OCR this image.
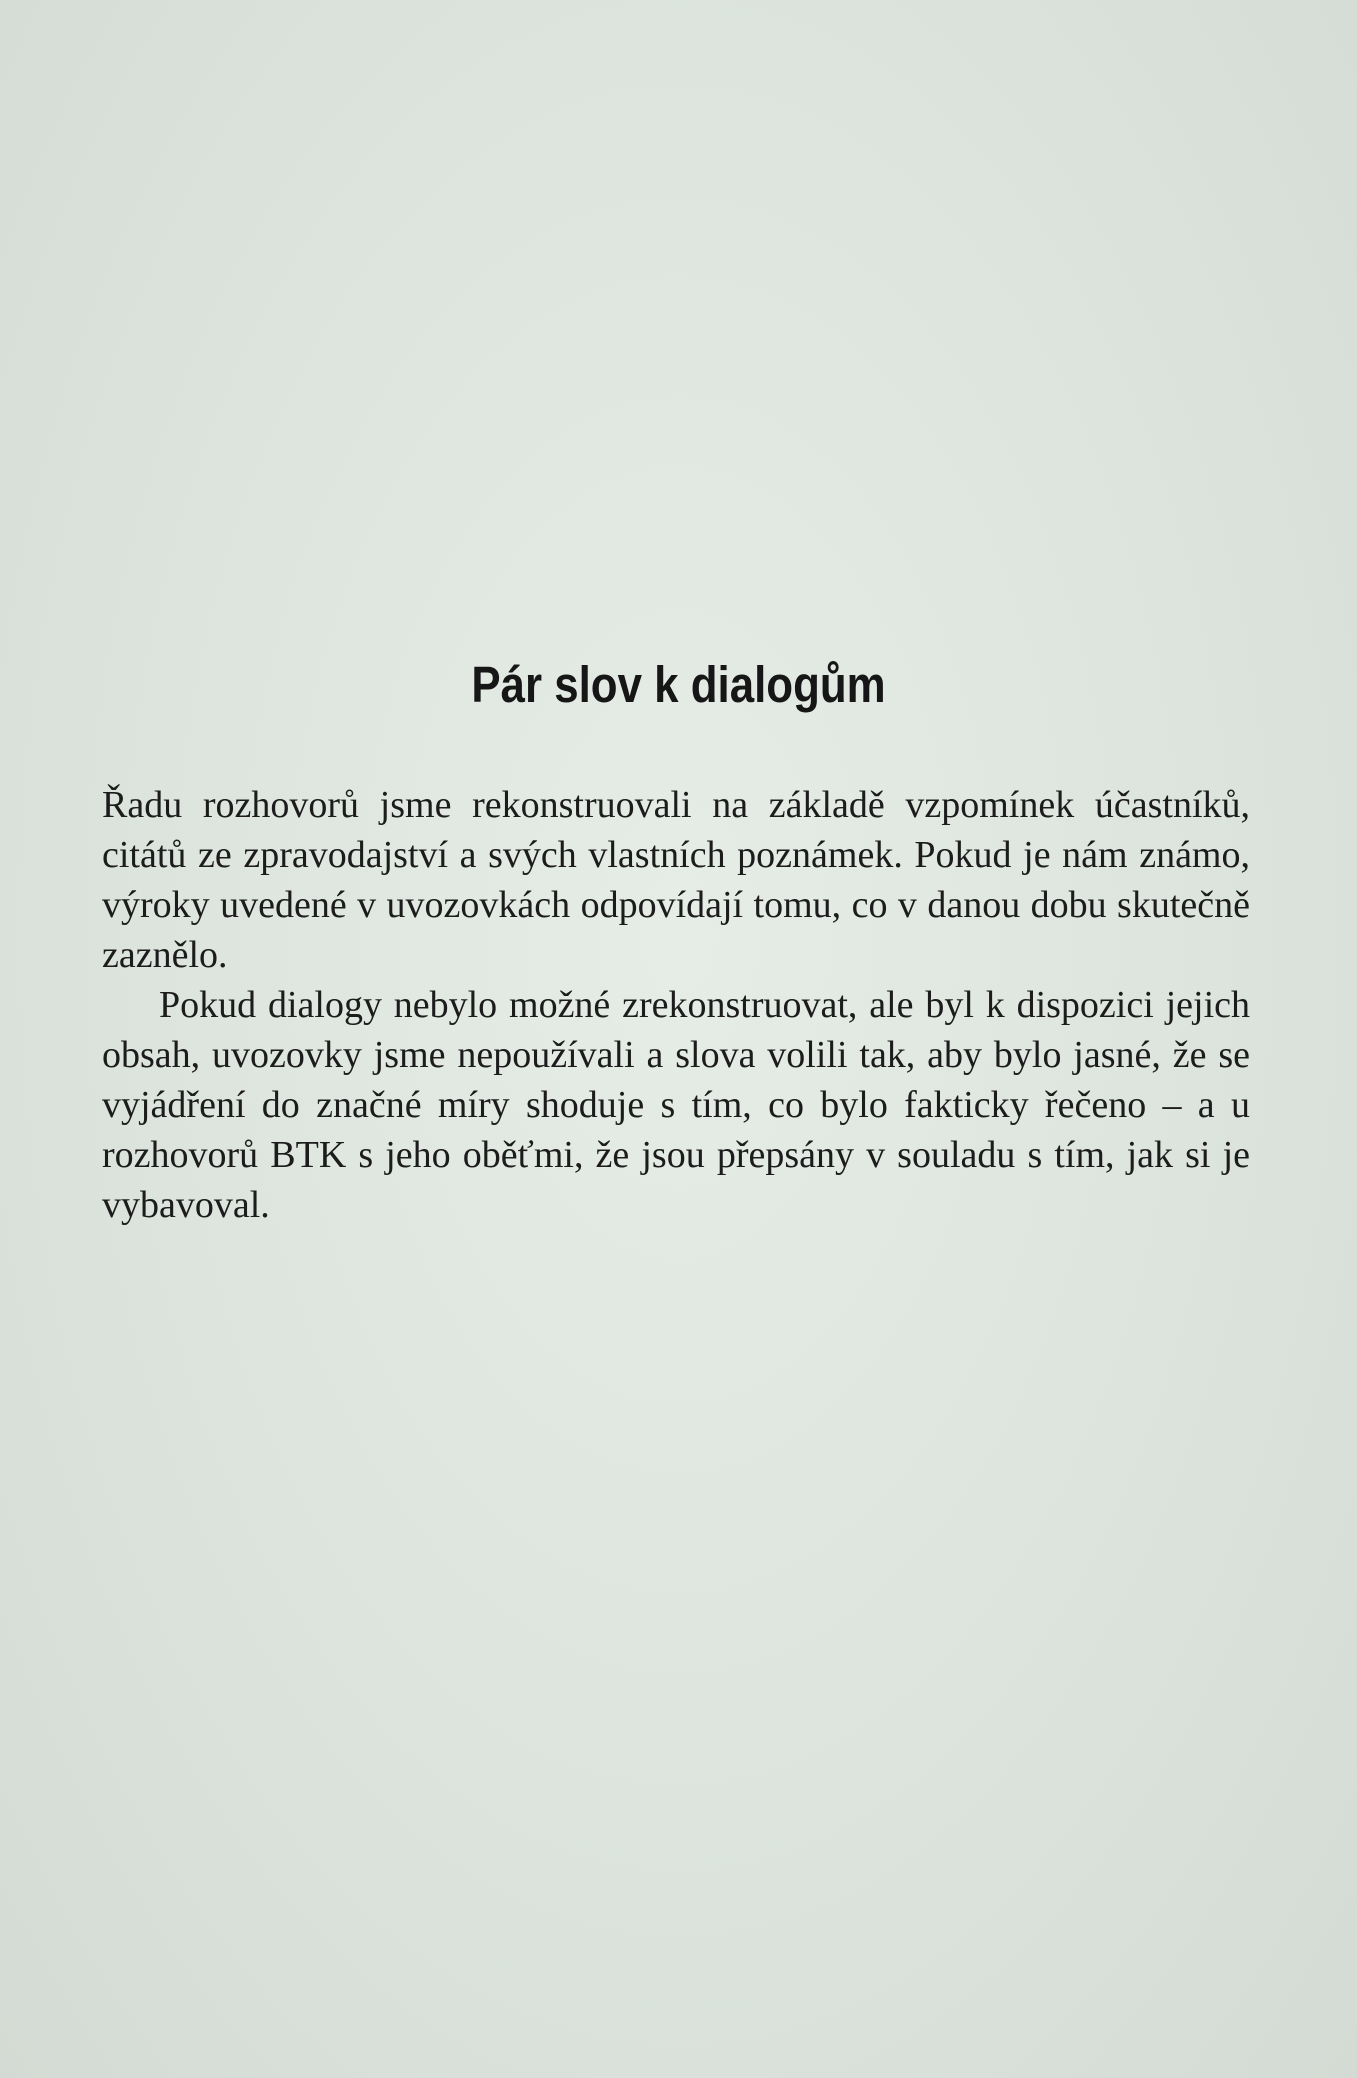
Pár slov k dialogům

Řadu rozhovorů jsme rekonstruovali na základě vzpomínek účastníků, citátů ze zpravodajství a svých vlastních poznámek. Pokud je nám známo, výroky uvedené v uvozovkách odpovídají tomu, co v danou dobu skutečně zaznělo.

Pokud dialogy nebylo možné zrekonstruovat, ale byl k dispozici jejich obsah, uvozovky jsme nepoužívali a slova volili tak, aby bylo jasné, že se vyjádření do značné míry shoduje s tím, co bylo fakticky řečeno – a u rozhovorů BTK s jeho oběťmi, že jsou přepsány v souladu s tím, jak si je vybavoval.
